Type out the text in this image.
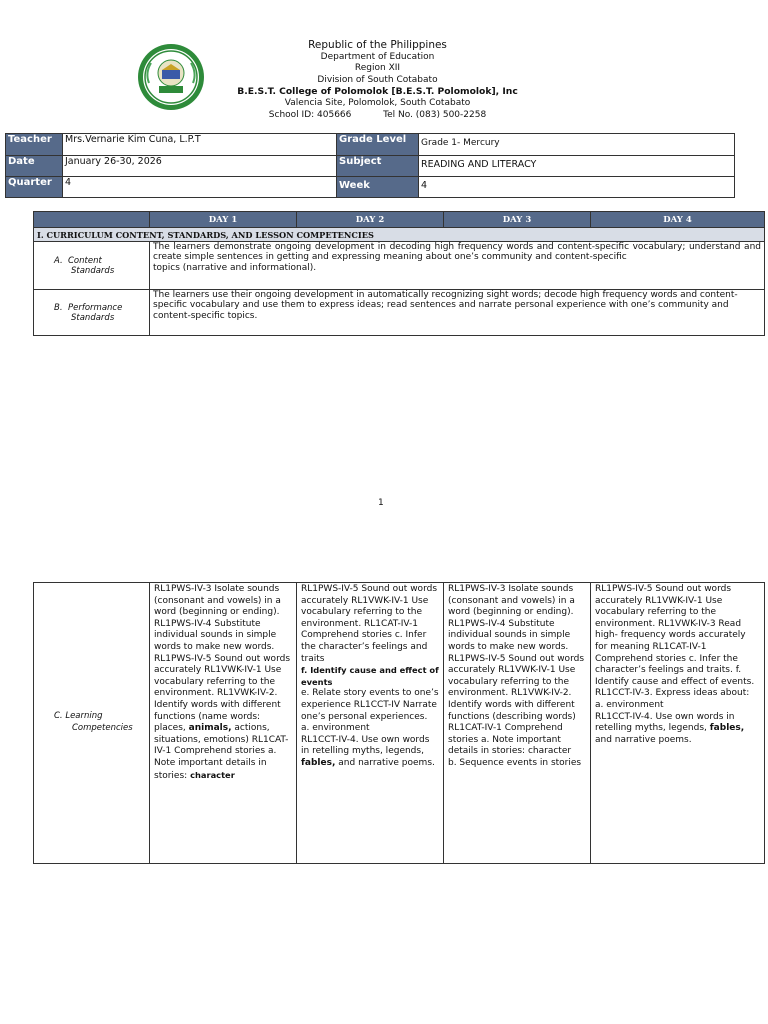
Republic of the Philippines
Department of Education
Region XII
Division of South Cotabato
B.E.S.T. College of Polomolok [B.E.S.T. Polomolok], Inc
Valencia Site, Polomolok, South Cotabato
School ID: 405666	Tel No. (083) 500-2258
Teacher	Mrs.Vernarie Kim Cuna, L.P.T	Grade Level	Grade 1- Mercury
Date	January 26-30, 2026	Subject	READING AND LITERACY
Quarter	4	Week	4
	DAY 1	DAY 2	DAY 3	DAY 4
I. CURRICULUM CONTENT, STANDARDS, AND LESSON COMPETENCIES				
A. Content
Standards	The learners demonstrate ongoing development in decoding high frequency words and content-specific vocabulary; understand and create simple sentences in getting and expressing meaning about one’s community and content-specific
topics (narrative and informational).			
B. Performance
Standards	The learners use their ongoing development in automatically recognizing sight words; decode high frequency words and content-
specific vocabulary and use them to express ideas; read sentences and narrate personal experience with one’s community and content-specific topics.			
1
C. Learning
Competencies
	RL1PWS-IV-3 Isolate sounds (consonant and vowels) in a word (beginning or ending). RL1PWS-IV-4 Substitute individual sounds in simple words to make new words. RL1PWS-IV-5 Sound out words accurately RL1VWK-IV-1 Use vocabulary referring to the environment. RL1VWK-IV-2. Identify words with different functions (name words: places, animals, actions, situations, emotions) RL1CAT-IV-1 Comprehend stories a. Note important details in stories: character	RL1PWS-IV-5 Sound out words accurately RL1VWK-IV-1 Use vocabulary referring to the environment. RL1CAT-IV-1 Comprehend stories c. Infer the character’s feelings and traits
f. Identify cause and effect of events
e. Relate story events to one’s experience RL1CCT-IV Narrate one’s personal experiences.
a. environment
RL1CCT-IV-4. Use own words in retelling myths, legends, fables, and narrative poems.	RL1PWS-IV-3 Isolate sounds (consonant and vowels) in a word (beginning or ending). RL1PWS-IV-4 Substitute individual sounds in simple words to make new words. RL1PWS-IV-5 Sound out words accurately RL1VWK-IV-1 Use vocabulary referring to the environment. RL1VWK-IV-2. Identify words with different functions (describing words) RL1CAT-IV-1 Comprehend stories a. Note important details in stories: character
b. Sequence events in stories
	RL1PWS-IV-5 Sound out words accurately RL1VWK-IV-1 Use vocabulary referring to the environment. RL1VWK-IV-3 Read high- frequency words accurately for meaning RL1CAT-IV-1 Comprehend stories c. Infer the character’s feelings and traits. f. Identify cause and effect of events. RL1CCT-IV-3. Express ideas about:
a. environment
RL1CCT-IV-4. Use own words in retelling myths, legends, fables, and narrative poems.
